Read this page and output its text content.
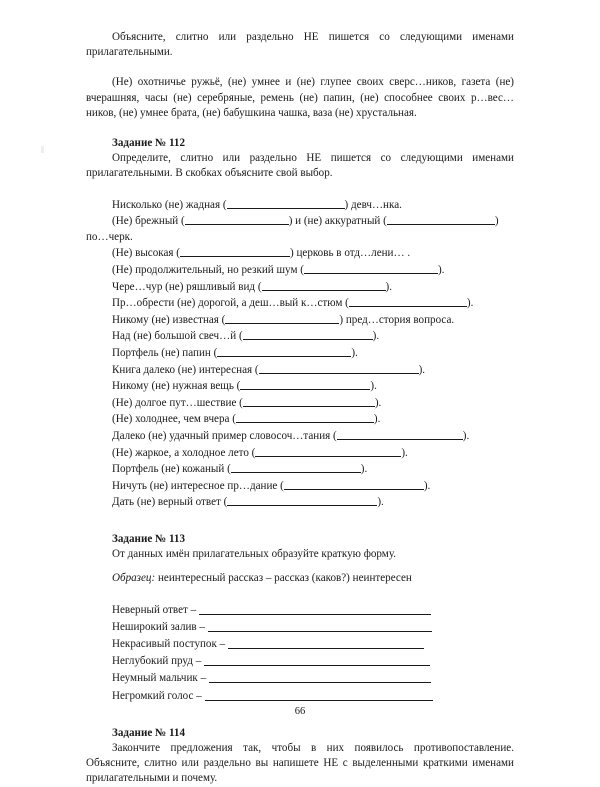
Объясните, слитно или раздельно НЕ пишется со следующими именами прилагательными.

(Не) охотничье ружьё, (не) умнее и (не) глупее своих сверс…ников, газета (не) вчерашняя, часы (не) серебряные, ремень (не) папин, (не) способнее своих р…вес…ников, (не) умнее брата, (не) бабушкина чашка, ваза (не) хрустальная.

Задание № 112

Определите, слитно или раздельно НЕ пишется со следующими именами прилагательными. В скобках объясните свой выбор.

Нисколько (не) жадная (	) девч…нка.
(Не) брежный (	) и (не) аккуратный (	)
по…черк.
(Не) высокая (	) церковь в отд…лени… .
(Не) продолжительный, но резкий шум (	).
Чере…чур (не) ряшливый вид (	).
Пр…обрести (не) дорогой, а деш…вый к…стюм (	).
Никому (не) известная (	) пред…стория вопроса.
Над (не) большой свеч…й (	).
Портфель (не) папин (	).
Книга далеко (не) интересная (	).
Никому (не) нужная вещь (	).
(Не) долгое пут…шествие (	).
(Не) холоднее, чем вчера (	).
Далеко (не) удачный пример словосоч…тания (	).
(Не) жаркое, а холодное лето (	).
Портфель (не) кожаный (	).
Ничуть (не) интересное пр…дание (	).
Дать (не) верный ответ (	).

Задание № 113

От данных имён прилагательных образуйте краткую форму.

Образец: неинтересный рассказ – рассказ (каков?) неинтересен

Неверный ответ –
Неширокий залив –
Некрасивый поступок –
Неглубокий пруд –
Неумный мальчик –
Негромкий голос –

Задание № 114

Закончите предложения так, чтобы в них появилось противопоставление. Объясните, слитно или раздельно вы напишете НЕ с выделенными краткими именами прилагательными и почему.

66
